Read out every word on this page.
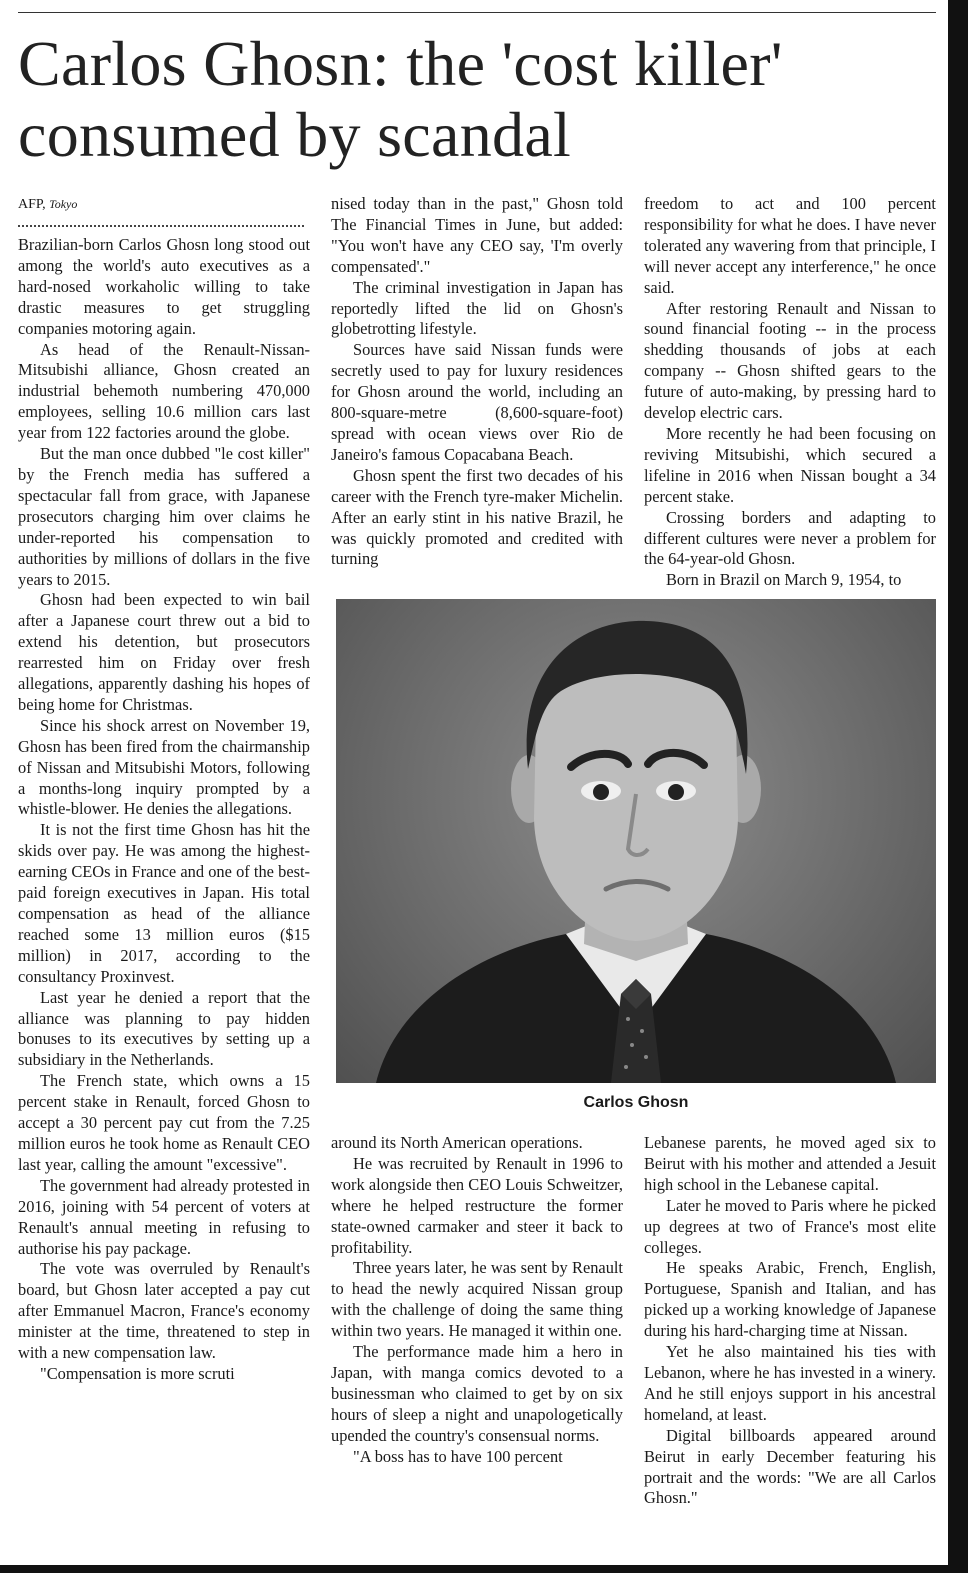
Carlos Ghosn: the 'cost killer' consumed by scandal
AFP, Tokyo

Brazilian-born Carlos Ghosn long stood out among the world's auto executives as a hard-nosed workaholic willing to take drastic measures to get struggling companies motoring again.

As head of the Renault-Nissan-Mitsubishi alliance, Ghosn created an industrial behemoth numbering 470,000 employees, selling 10.6 million cars last year from 122 factories around the globe.

But the man once dubbed "le cost killer" by the French media has suffered a spectacular fall from grace, with Japanese prosecutors charging him over claims he under-reported his compensation to authorities by millions of dollars in the five years to 2015.

Ghosn had been expected to win bail after a Japanese court threw out a bid to extend his detention, but prosecutors rearrested him on Friday over fresh allegations, apparently dashing his hopes of being home for Christmas.

Since his shock arrest on November 19, Ghosn has been fired from the chairmanship of Nissan and Mitsubishi Motors, following a months-long inquiry prompted by a whistle-blower. He denies the allegations.

It is not the first time Ghosn has hit the skids over pay. He was among the highest-earning CEOs in France and one of the best-paid foreign executives in Japan. His total compensation as head of the alliance reached some 13 million euros ($15 million) in 2017, according to the consultancy Proxinvest.

Last year he denied a report that the alliance was planning to pay hidden bonuses to its executives by setting up a subsidiary in the Netherlands.

The French state, which owns a 15 percent stake in Renault, forced Ghosn to accept a 30 percent pay cut from the 7.25 million euros he took home as Renault CEO last year, calling the amount "excessive".

The government had already protested in 2016, joining with 54 percent of voters at Renault's annual meeting in refusing to authorise his pay package.

The vote was overruled by Renault's board, but Ghosn later accepted a pay cut after Emmanuel Macron, France's economy minister at the time, threatened to step in with a new compensation law.

"Compensation is more scruti

nised today than in the past," Ghosn told The Financial Times in June, but added: "You won't have any CEO say, 'I'm overly compensated'."

The criminal investigation in Japan has reportedly lifted the lid on Ghosn's globetrotting lifestyle.

Sources have said Nissan funds were secretly used to pay for luxury residences for Ghosn around the world, including an 800-square-metre (8,600-square-foot) spread with ocean views over Rio de Janeiro's famous Copacabana Beach.

Ghosn spent the first two decades of his career with the French tyre-maker Michelin. After an early stint in his native Brazil, he was quickly promoted and credited with turning

freedom to act and 100 percent responsibility for what he does. I have never tolerated any wavering from that principle, I will never accept any interference," he once said.

After restoring Renault and Nissan to sound financial footing -- in the process shedding thousands of jobs at each company -- Ghosn shifted gears to the future of auto-making, by pressing hard to develop electric cars.

More recently he had been focusing on reviving Mitsubishi, which secured a lifeline in 2016 when Nissan bought a 34 percent stake.

Crossing borders and adapting to different cultures were never a problem for the 64-year-old Ghosn.

Born in Brazil on March 9, 1954, to

Carlos Ghosn

around its North American operations.

He was recruited by Renault in 1996 to work alongside then CEO Louis Schweitzer, where he helped restructure the former state-owned carmaker and steer it back to profitability.

Three years later, he was sent by Renault to head the newly acquired Nissan group with the challenge of doing the same thing within two years. He managed it within one.

The performance made him a hero in Japan, with manga comics devoted to a businessman who claimed to get by on six hours of sleep a night and unapologetically upended the country's consensual norms.

"A boss has to have 100 percent

Lebanese parents, he moved aged six to Beirut with his mother and attended a Jesuit high school in the Lebanese capital.

Later he moved to Paris where he picked up degrees at two of France's most elite colleges.

He speaks Arabic, French, English, Portuguese, Spanish and Italian, and has picked up a working knowledge of Japanese during his hard-charging time at Nissan.

Yet he also maintained his ties with Lebanon, where he has invested in a winery. And he still enjoys support in his ancestral homeland, at least.

Digital billboards appeared around Beirut in early December featuring his portrait and the words: "We are all Carlos Ghosn."
